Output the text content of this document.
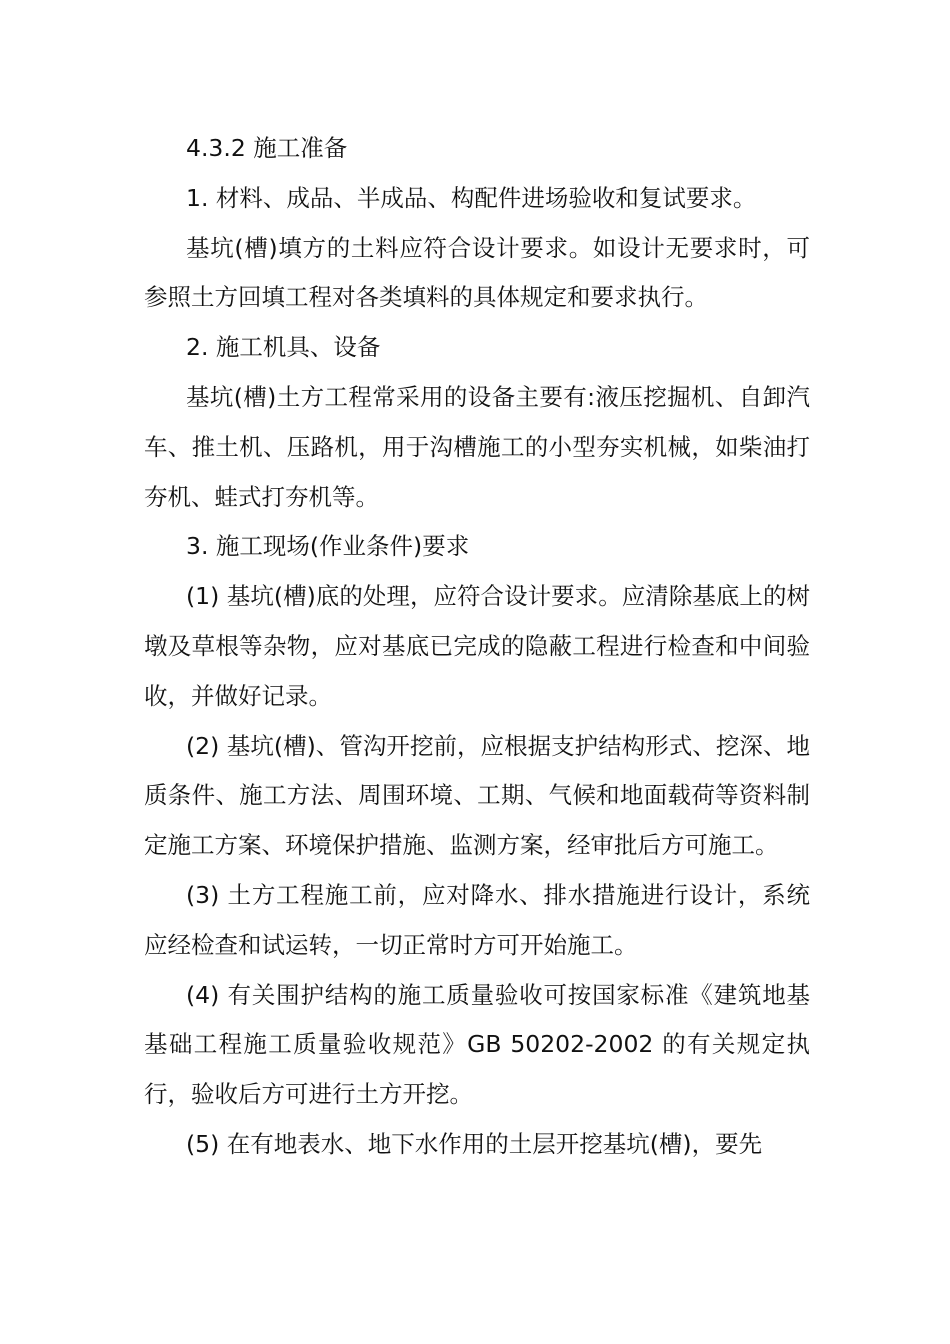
4.3.2 施工准备

1. 材料、成品、半成品、构配件进场验收和复试要求。

基坑(槽)填方的土料应符合设计要求。如设计无要求时，可参照土方回填工程对各类填料的具体规定和要求执行。

2. 施工机具、设备

基坑(槽)土方工程常采用的设备主要有:液压挖掘机、自卸汽车、推土机、压路机，用于沟槽施工的小型夯实机械，如柴油打夯机、蛙式打夯机等。

3. 施工现场(作业条件)要求

(1) 基坑(槽)底的处理，应符合设计要求。应清除基底上的树墩及草根等杂物，应对基底已完成的隐蔽工程进行检查和中间验收，并做好记录。

(2) 基坑(槽)、管沟开挖前，应根据支护结构形式、挖深、地质条件、施工方法、周围环境、工期、气候和地面载荷等资料制定施工方案、环境保护措施、监测方案，经审批后方可施工。

(3) 土方工程施工前，应对降水、排水措施进行设计，系统应经检查和试运转，一切正常时方可开始施工。

(4) 有关围护结构的施工质量验收可按国家标准《建筑地基基础工程施工质量验收规范》GB 50202-2002 的有关规定执行，验收后方可进行土方开挖。

(5) 在有地表水、地下水作用的土层开挖基坑(槽)，要先
